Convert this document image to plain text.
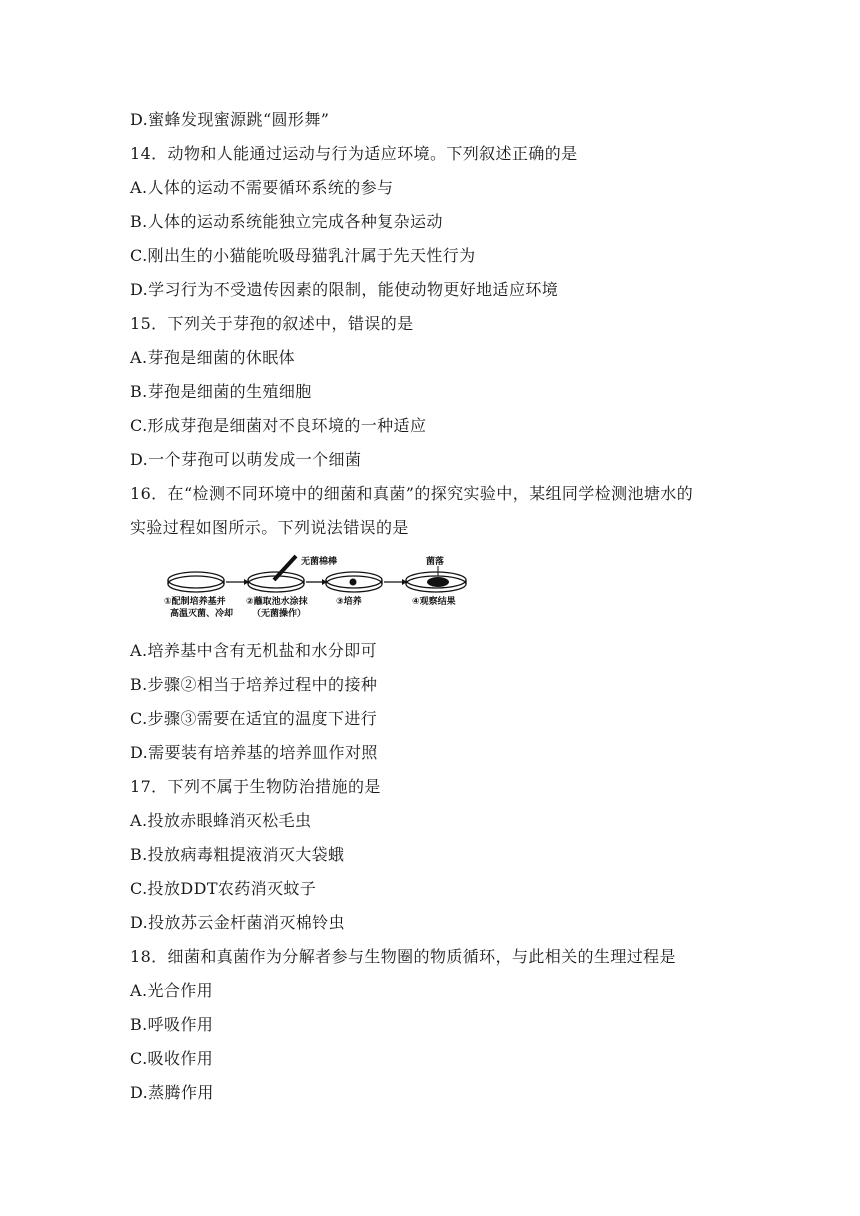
D.蜜蜂发现蜜源跳“圆形舞”
14．动物和人能通过运动与行为适应环境。下列叙述正确的是
A.人体的运动不需要循环系统的参与
B.人体的运动系统能独立完成各种复杂运动
C.刚出生的小猫能吮吸母猫乳汁属于先天性行为
D.学习行为不受遗传因素的限制，能使动物更好地适应环境
15．下列关于芽孢的叙述中，错误的是
A.芽孢是细菌的休眠体
B.芽孢是细菌的生殖细胞
C.形成芽孢是细菌对不良环境的一种适应
D.一个芽孢可以萌发成一个细菌
16．在“检测不同环境中的细菌和真菌”的探究实验中，某组同学检测池塘水的
实验过程如图所示。下列说法错误的是
无菌棉棒	菌落
①配制培养基并
高温灭菌、冷却
②蘸取池水涂抹
（无菌操作）
③培养	④观察结果
A.培养基中含有无机盐和水分即可
B.步骤②相当于培养过程中的接种
C.步骤③需要在适宜的温度下进行
D.需要装有培养基的培养皿作对照
17．下列不属于生物防治措施的是
A.投放赤眼蜂消灭松毛虫
B.投放病毒粗提液消灭大袋蛾
C.投放DDT农药消灭蚊子
D.投放苏云金杆菌消灭棉铃虫
18．细菌和真菌作为分解者参与生物圈的物质循环，与此相关的生理过程是
A.光合作用
B.呼吸作用
C.吸收作用
D.蒸腾作用
